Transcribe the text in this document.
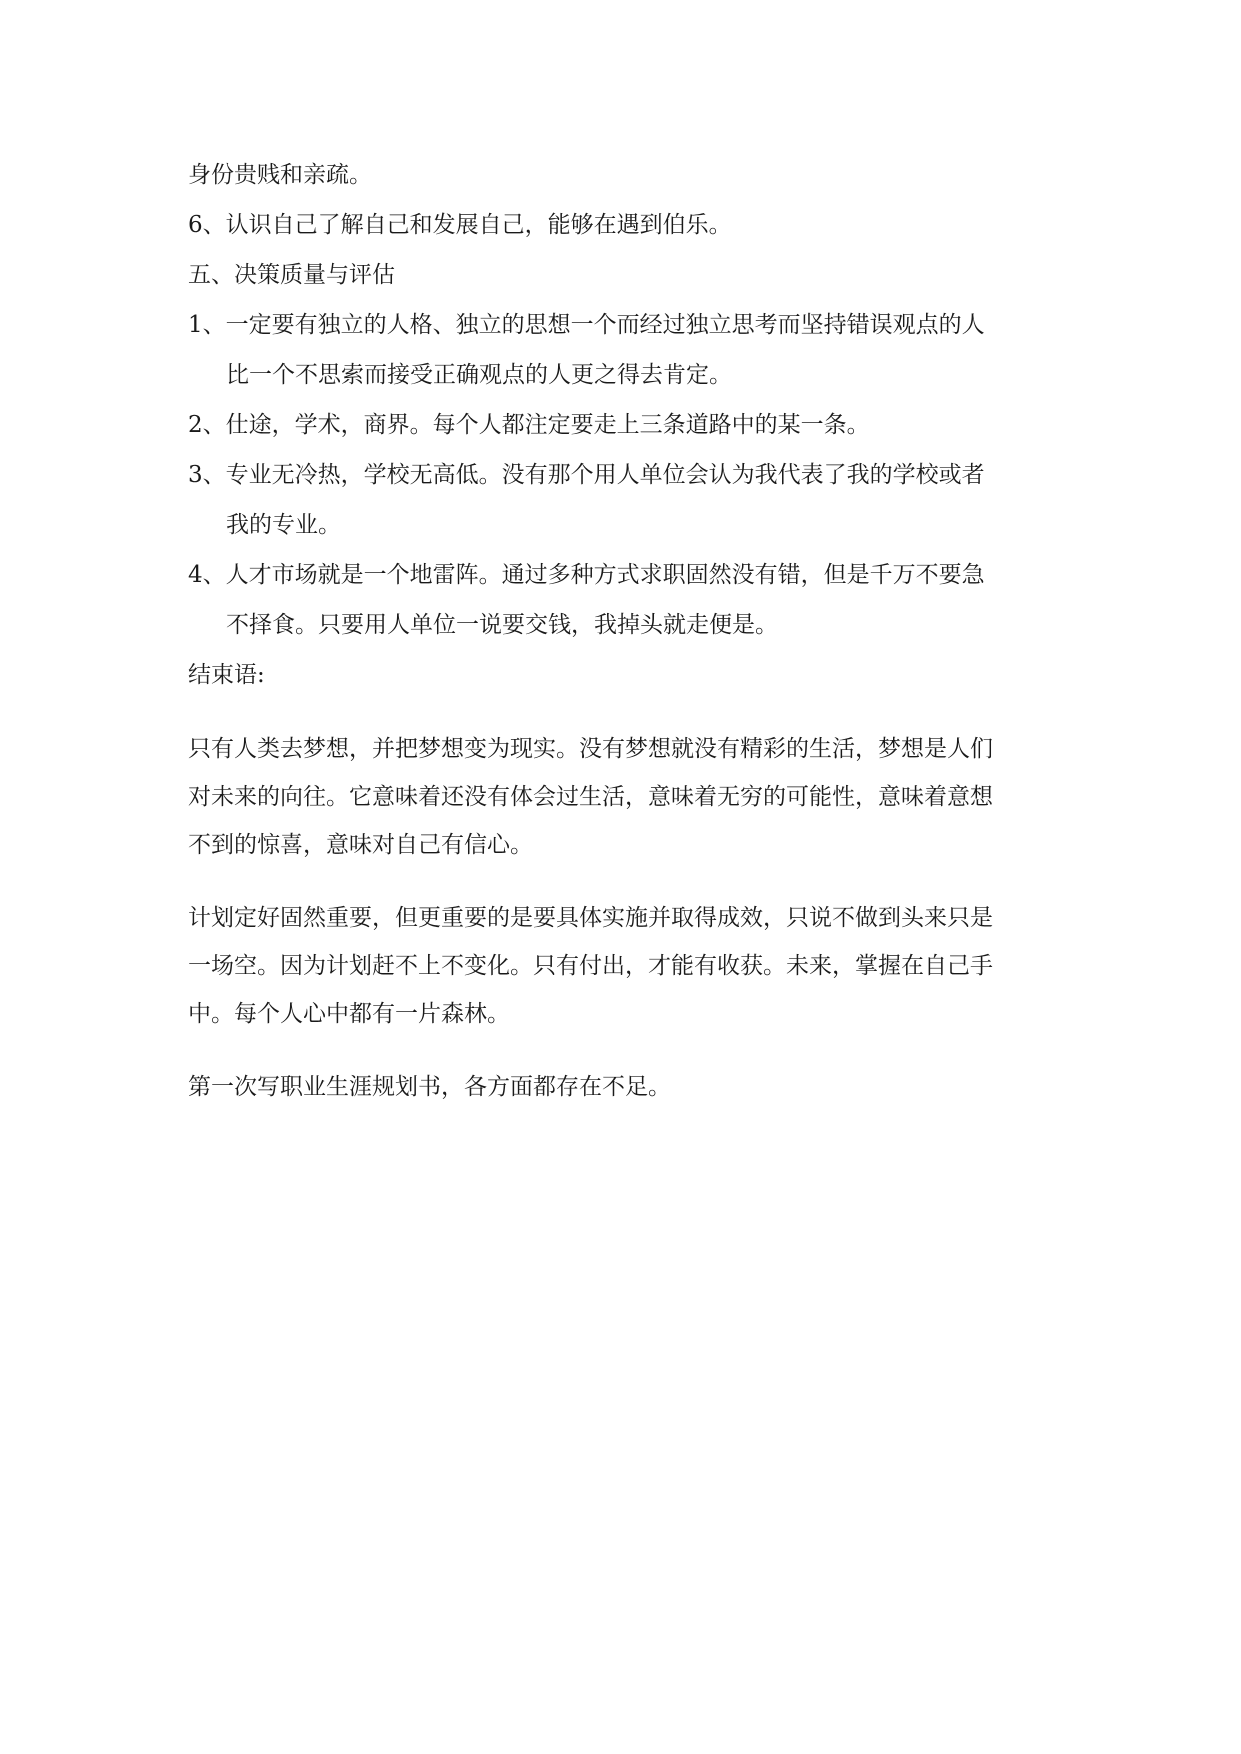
身份贵贱和亲疏。
6、认识自己了解自己和发展自己，能够在遇到伯乐。
五、决策质量与评估
1、一定要有独立的人格、独立的思想一个而经过独立思考而坚持错误观点的人
比一个不思索而接受正确观点的人更之得去肯定。
2、仕途，学术，商界。每个人都注定要走上三条道路中的某一条。
3、专业无冷热，学校无高低。没有那个用人单位会认为我代表了我的学校或者
我的专业。
4、人才市场就是一个地雷阵。通过多种方式求职固然没有错，但是千万不要急
不择食。只要用人单位一说要交钱，我掉头就走便是。
结束语:
只有人类去梦想，并把梦想变为现实。没有梦想就没有精彩的生活，梦想是人们
对未来的向往。它意味着还没有体会过生活，意味着无穷的可能性，意味着意想
不到的惊喜，意味对自己有信心。
计划定好固然重要，但更重要的是要具体实施并取得成效，只说不做到头来只是
一场空。因为计划赶不上不变化。只有付出，才能有收获。未来，掌握在自己手
中。每个人心中都有一片森林。
第一次写职业生涯规划书，各方面都存在不足。
